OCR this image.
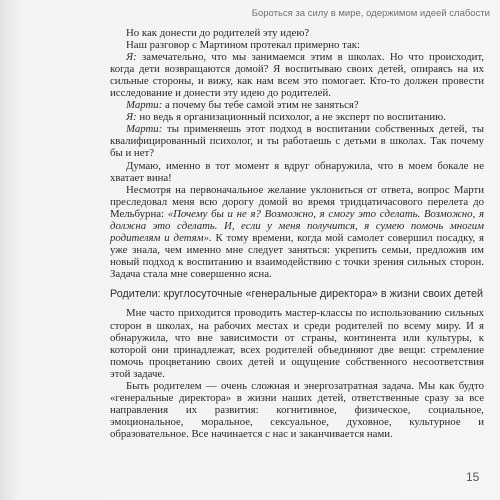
Бороться за силу в мире, одержимом идеей слабости

Но как донести до родителей эту идею?

Наш разговор с Мартином протекал примерно так:

Я: замечательно, что мы занимаемся этим в школах. Но что происходит, когда дети возвращаются домой? Я воспитываю своих детей, опираясь на их сильные стороны, и вижу, как нам всем это помогает. Кто-то должен провести исследование и донести эту идею до родителей.

Марти: а почему бы тебе самой этим не заняться?

Я: но ведь я организационный психолог, а не эксперт по воспитанию.

Марти: ты применяешь этот подход в воспитании собственных детей, ты квалифицированный психолог, и ты работаешь с детьми в школах. Так почему бы и нет?

Думаю, именно в тот момент я вдруг обнаружила, что в моем бокале не хватает вина!

Несмотря на первоначальное желание уклониться от ответа, вопрос Марти преследовал меня всю дорогу домой во время тридцатичасового перелета до Мельбурна: «Почему бы и не я? Возможно, я смогу это сделать. Возможно, я должна это сделать. И, если у меня получится, я сумею помочь многим родителям и детям». К тому времени, когда мой самолет совершил посадку, я уже знала, чем именно мне следует заняться: укрепить семьи, предложив им новый подход к воспитанию и взаимодействию с точки зрения сильных сторон. Задача стала мне совершенно ясна.

Родители: круглосуточные «генеральные директора» в жизни своих детей

Мне часто приходится проводить мастер-классы по использованию сильных сторон в школах, на рабочих местах и среди родителей по всему миру. И я обнаружила, что вне зависимости от страны, континента или культуры, к которой они принадлежат, всех родителей объединяют две вещи: стремление помочь процветанию своих детей и ощущение собственного несоответствия этой задаче.

Быть родителем — очень сложная и энергозатратная задача. Мы как будто «генеральные директора» в жизни наших детей, ответственные сразу за все направления их развития: когнитивное, физическое, социальное, эмоциональное, моральное, сексуальное, духовное, культурное и образовательное. Все начинается с нас и заканчивается нами.

15
